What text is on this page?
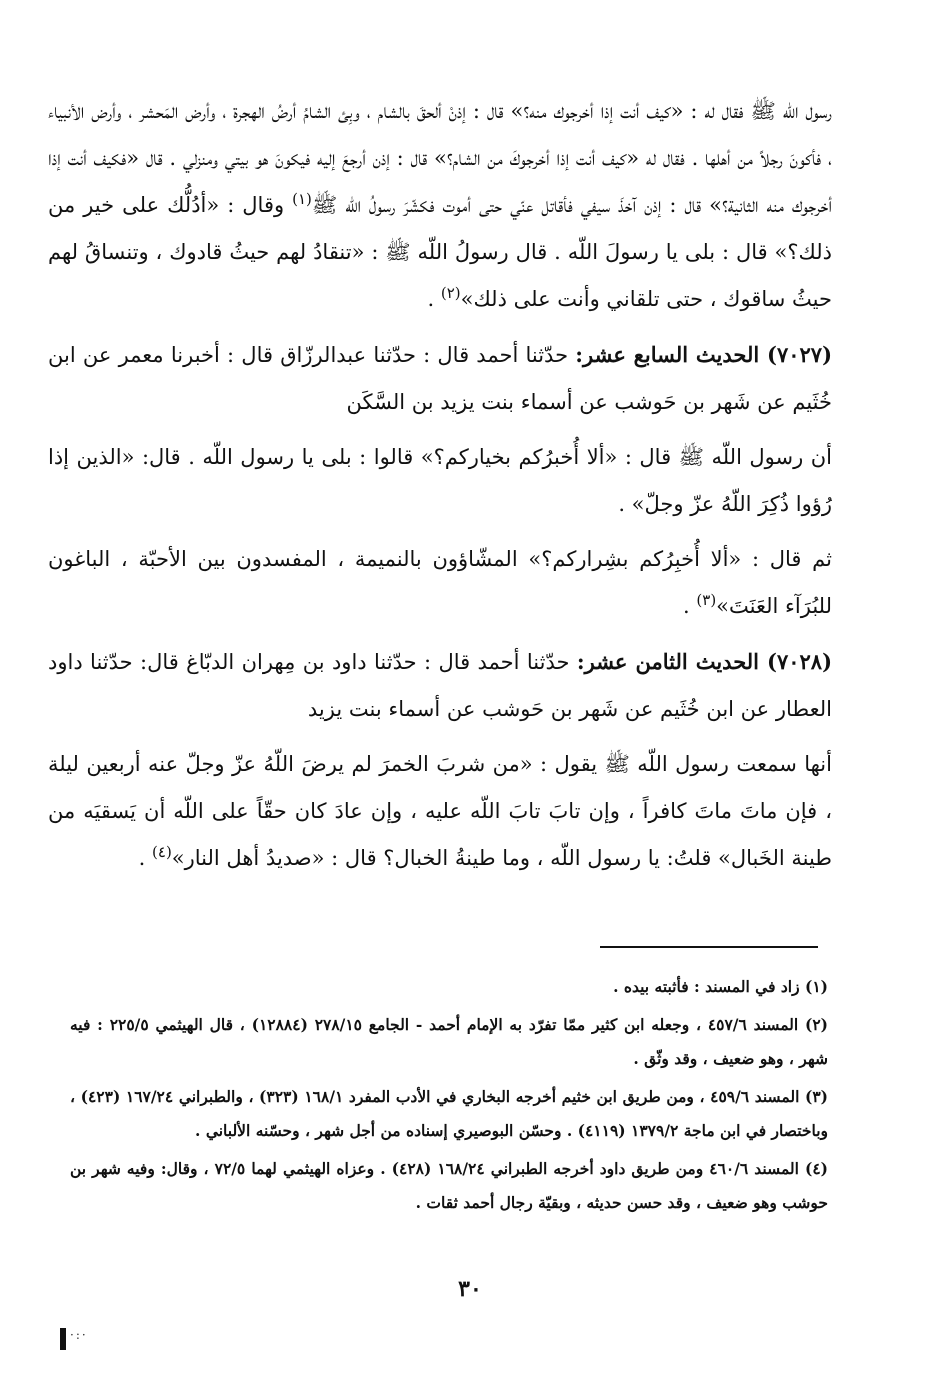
رسول الله ﷺ فقال له : «كيف أنت إذا أخرجوك منه؟» قال : إذنْ ألحقَ بالشام ، وبِئ الشامُ أرضُ الهجرة ، وأرض المَحشر ، وأرض الأنبياء ، فأكونَ رجلاً من أهلها . فقال له «كيف أنت إذا أخرجوكَ من الشام؟» قال : إذن أرجعَ إليه فيكونَ هو بيتي ومنزلي . قال «فكيف أنت إذا أخرجوك منه الثانية؟» قال : إذن آخذَ سيفي فأقاتل عنّي حتى أموت فكشّرَ رسولُ اللّه ﷺ$^{(١)}$ وقال : «أدُلُّك على خير من ذلك؟» قال : بلى يا رسولَ اللّه . قال رسولُ اللّه ﷺ : «تنقادُ لهم حيثُ قادوك ، وتنساقُ لهم حيثُ ساقوك ، حتى تلقاني وأنت على ذلك»$^{(٢)}$ .

(٧٠٢٧) الحديث السابع عشر: حدّثنا أحمد قال : حدّثنا عبدالرزّاق قال : أخبرنا معمر عن ابن خُثَيم عن شَهر بن حَوشب عن أسماء بنت يزيد بن السَّكَن

أن رسول اللّه ﷺ قال : «ألا أُخبرُكم بخياركم؟» قالوا : بلى يا رسول اللّه . قال: «الذين إذا رُؤوا ذُكِرَ اللّهُ عزّ وجلّ» .

ثم قال : «ألا أُخبِرُكم بشِراركم؟» المشّاؤون بالنميمة ، المفسدون بين الأحبّة ، الباغون للبُرَآء العَنَتَ»$^{(٣)}$ .

(٧٠٢٨) الحديث الثامن عشر: حدّثنا أحمد قال : حدّثنا داود بن مِهران الدبّاغ قال: حدّثنا داود العطار عن ابن خُثَيم عن شَهر بن حَوشب عن أسماء بنت يزيد

أنها سمعت رسول اللّه ﷺ يقول : «من شربَ الخمرَ لم يرضَ اللّهُ عزّ وجلّ عنه أربعين ليلة ، فإن ماتَ ماتَ كافراً ، وإن تابَ تابَ اللّه عليه ، وإن عادَ كان حقّاً على اللّه أن يَسقيَه من طينة الخَبال» قلتُ: يا رسول اللّه ، وما طينةُ الخبال؟ قال : «صديدُ أهل النار»$^{(٤)}$ .

(١) زاد في المسند : فأثبته بيده .

(٢) المسند ٤٥٧/٦ ، وجعله ابن كثير ممّا تفرّد به الإمام أحمد - الجامع ٢٧٨/١٥ (١٢٨٨٤) ، قال الهيثمي ٢٢٥/٥ : فيه شهر ، وهو ضعيف ، وقد وثّق .

(٣) المسند ٤٥٩/٦ ، ومن طريق ابن خثيم أخرجه البخاري في الأدب المفرد ١٦٨/١ (٣٢٣) ، والطبراني ١٦٧/٢٤ (٤٢٣) ، وباختصار في ابن ماجة ١٣٧٩/٢ (٤١١٩) . وحسّن البوصيري إسناده من أجل شهر ، وحسّنه الألباني .

(٤) المسند ٤٦٠/٦ ومن طريق داود أخرجه الطبراني ١٦٨/٢٤ (٤٢٨) . وعزاه الهيثمي لهما ٧٢/٥ ، وقال: وفيه شهر بن حوشب وهو ضعيف ، وقد حسن حديثه ، وبقيّة رجال أحمد ثقات .

٣٠
·:·
